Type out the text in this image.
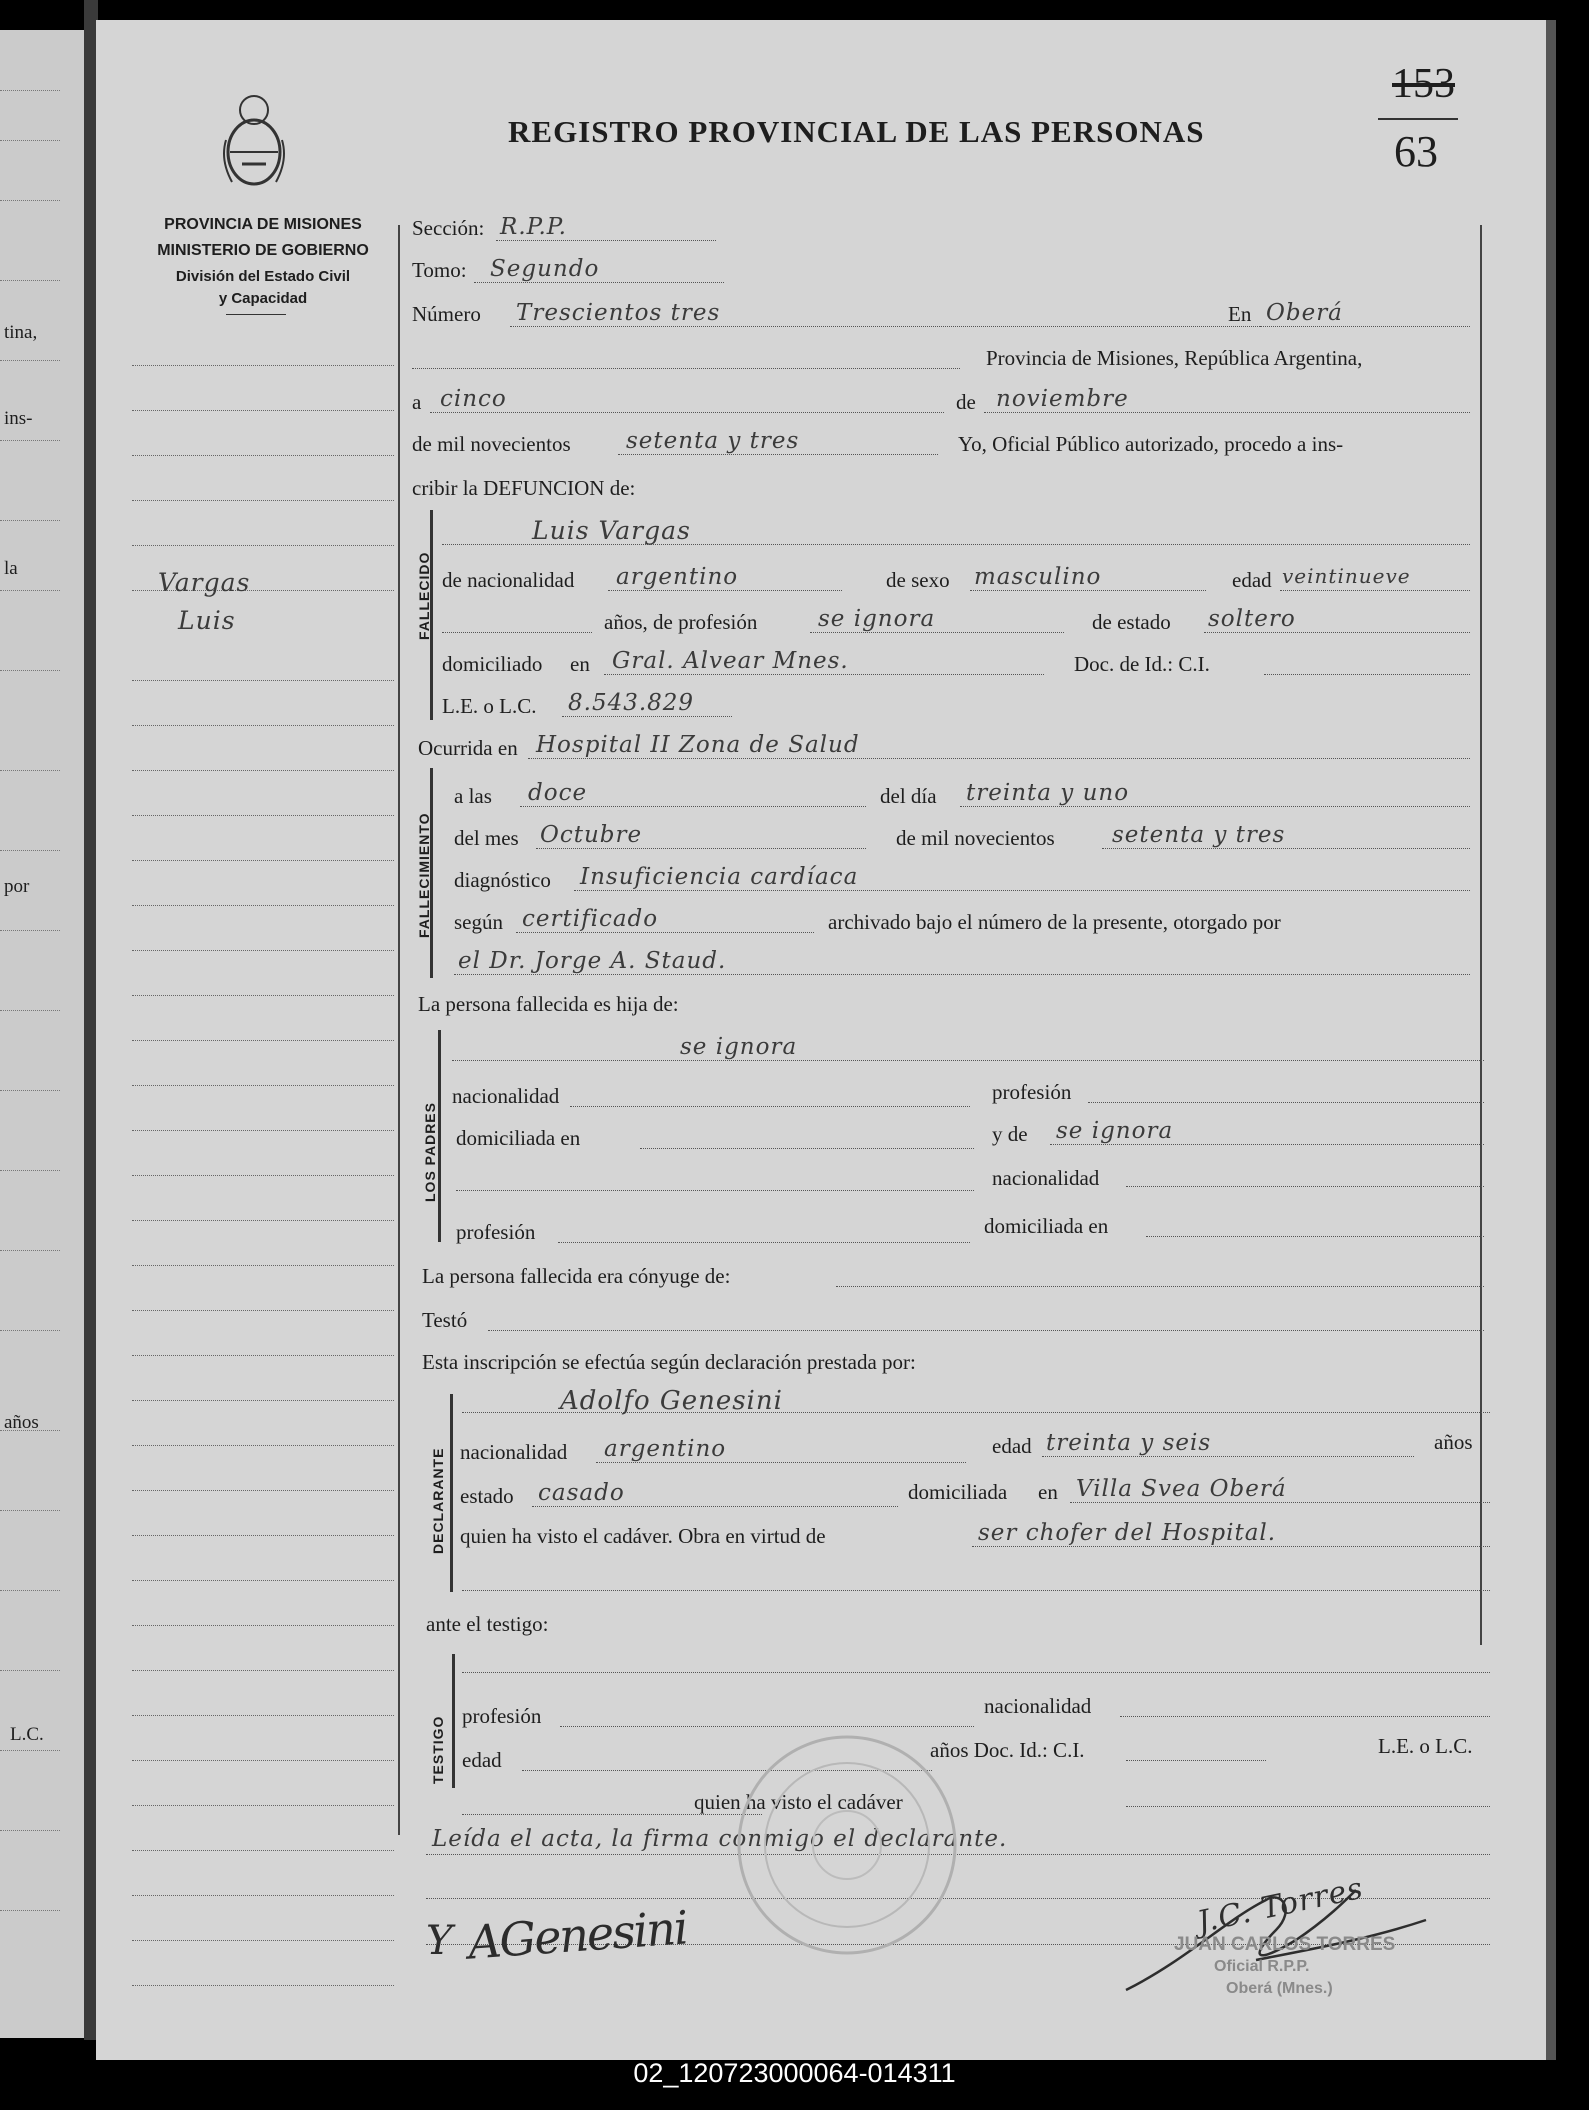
tina,
ins-
la
por
años
L.C.
REGISTRO PROVINCIAL DE LAS PERSONAS
153
63
PROVINCIA DE MISIONES
MINISTERIO DE GOBIERNO
División del Estado Civil
y Capacidad
Vargas
Luis
Sección: R.P.P.
Tomo: Segundo
Número Trescientos tres	En Oberá
Provincia de Misiones, República Argentina,
a cinco	de noviembre
de mil novecientos setenta y tres	Yo, Oficial Público autorizado, procedo a ins-
cribir la DEFUNCION de:
FALLECIDO
Luis Vargas
de nacionalidad argentino	de sexo masculino	edad veintinueve
años, de profesión	se ignora	de estado soltero
domiciliado en Gral. Alvear Mnes.	Doc. de Id.: C.I.
L.E. o L.C. 8.543.829
Ocurrida en Hospital II Zona de Salud
FALLECIMIENTO
a las doce	del día treinta y uno
del mes Octubre	de mil novecientos setenta y tres
diagnóstico Insuficiencia cardíaca
según certificado	archivado bajo el número de la presente, otorgado por
el Dr. Jorge A. Staud.
La persona fallecida es hija de:
LOS PADRES
se ignora
nacionalidad	profesión
domiciliada en	y de se ignora
nacionalidad
profesión	domiciliada en
La persona fallecida era cónyuge de:
Testó
Esta inscripción se efectúa según declaración prestada por:
DECLARANTE
Adolfo Genesini
nacionalidad argentino	edad treinta y seis	años
estado casado	domiciliada en Villa Svea Oberá
quien ha visto el cadáver. Obra en virtud de	ser chofer del Hospital.
ante el testigo:
TESTIGO profesión	nacionalidad
edad	años Doc. Id.: C.I.	L.E. o L.C.
quien ha visto el cadáver
Leída el acta, la firma conmigo el declarante.
Y AGenesini	J.C. Torres
JUAN CARLOS TORRES
Oficial R.P.P.
Oberá (Mnes.)
02_120723000064-014311
